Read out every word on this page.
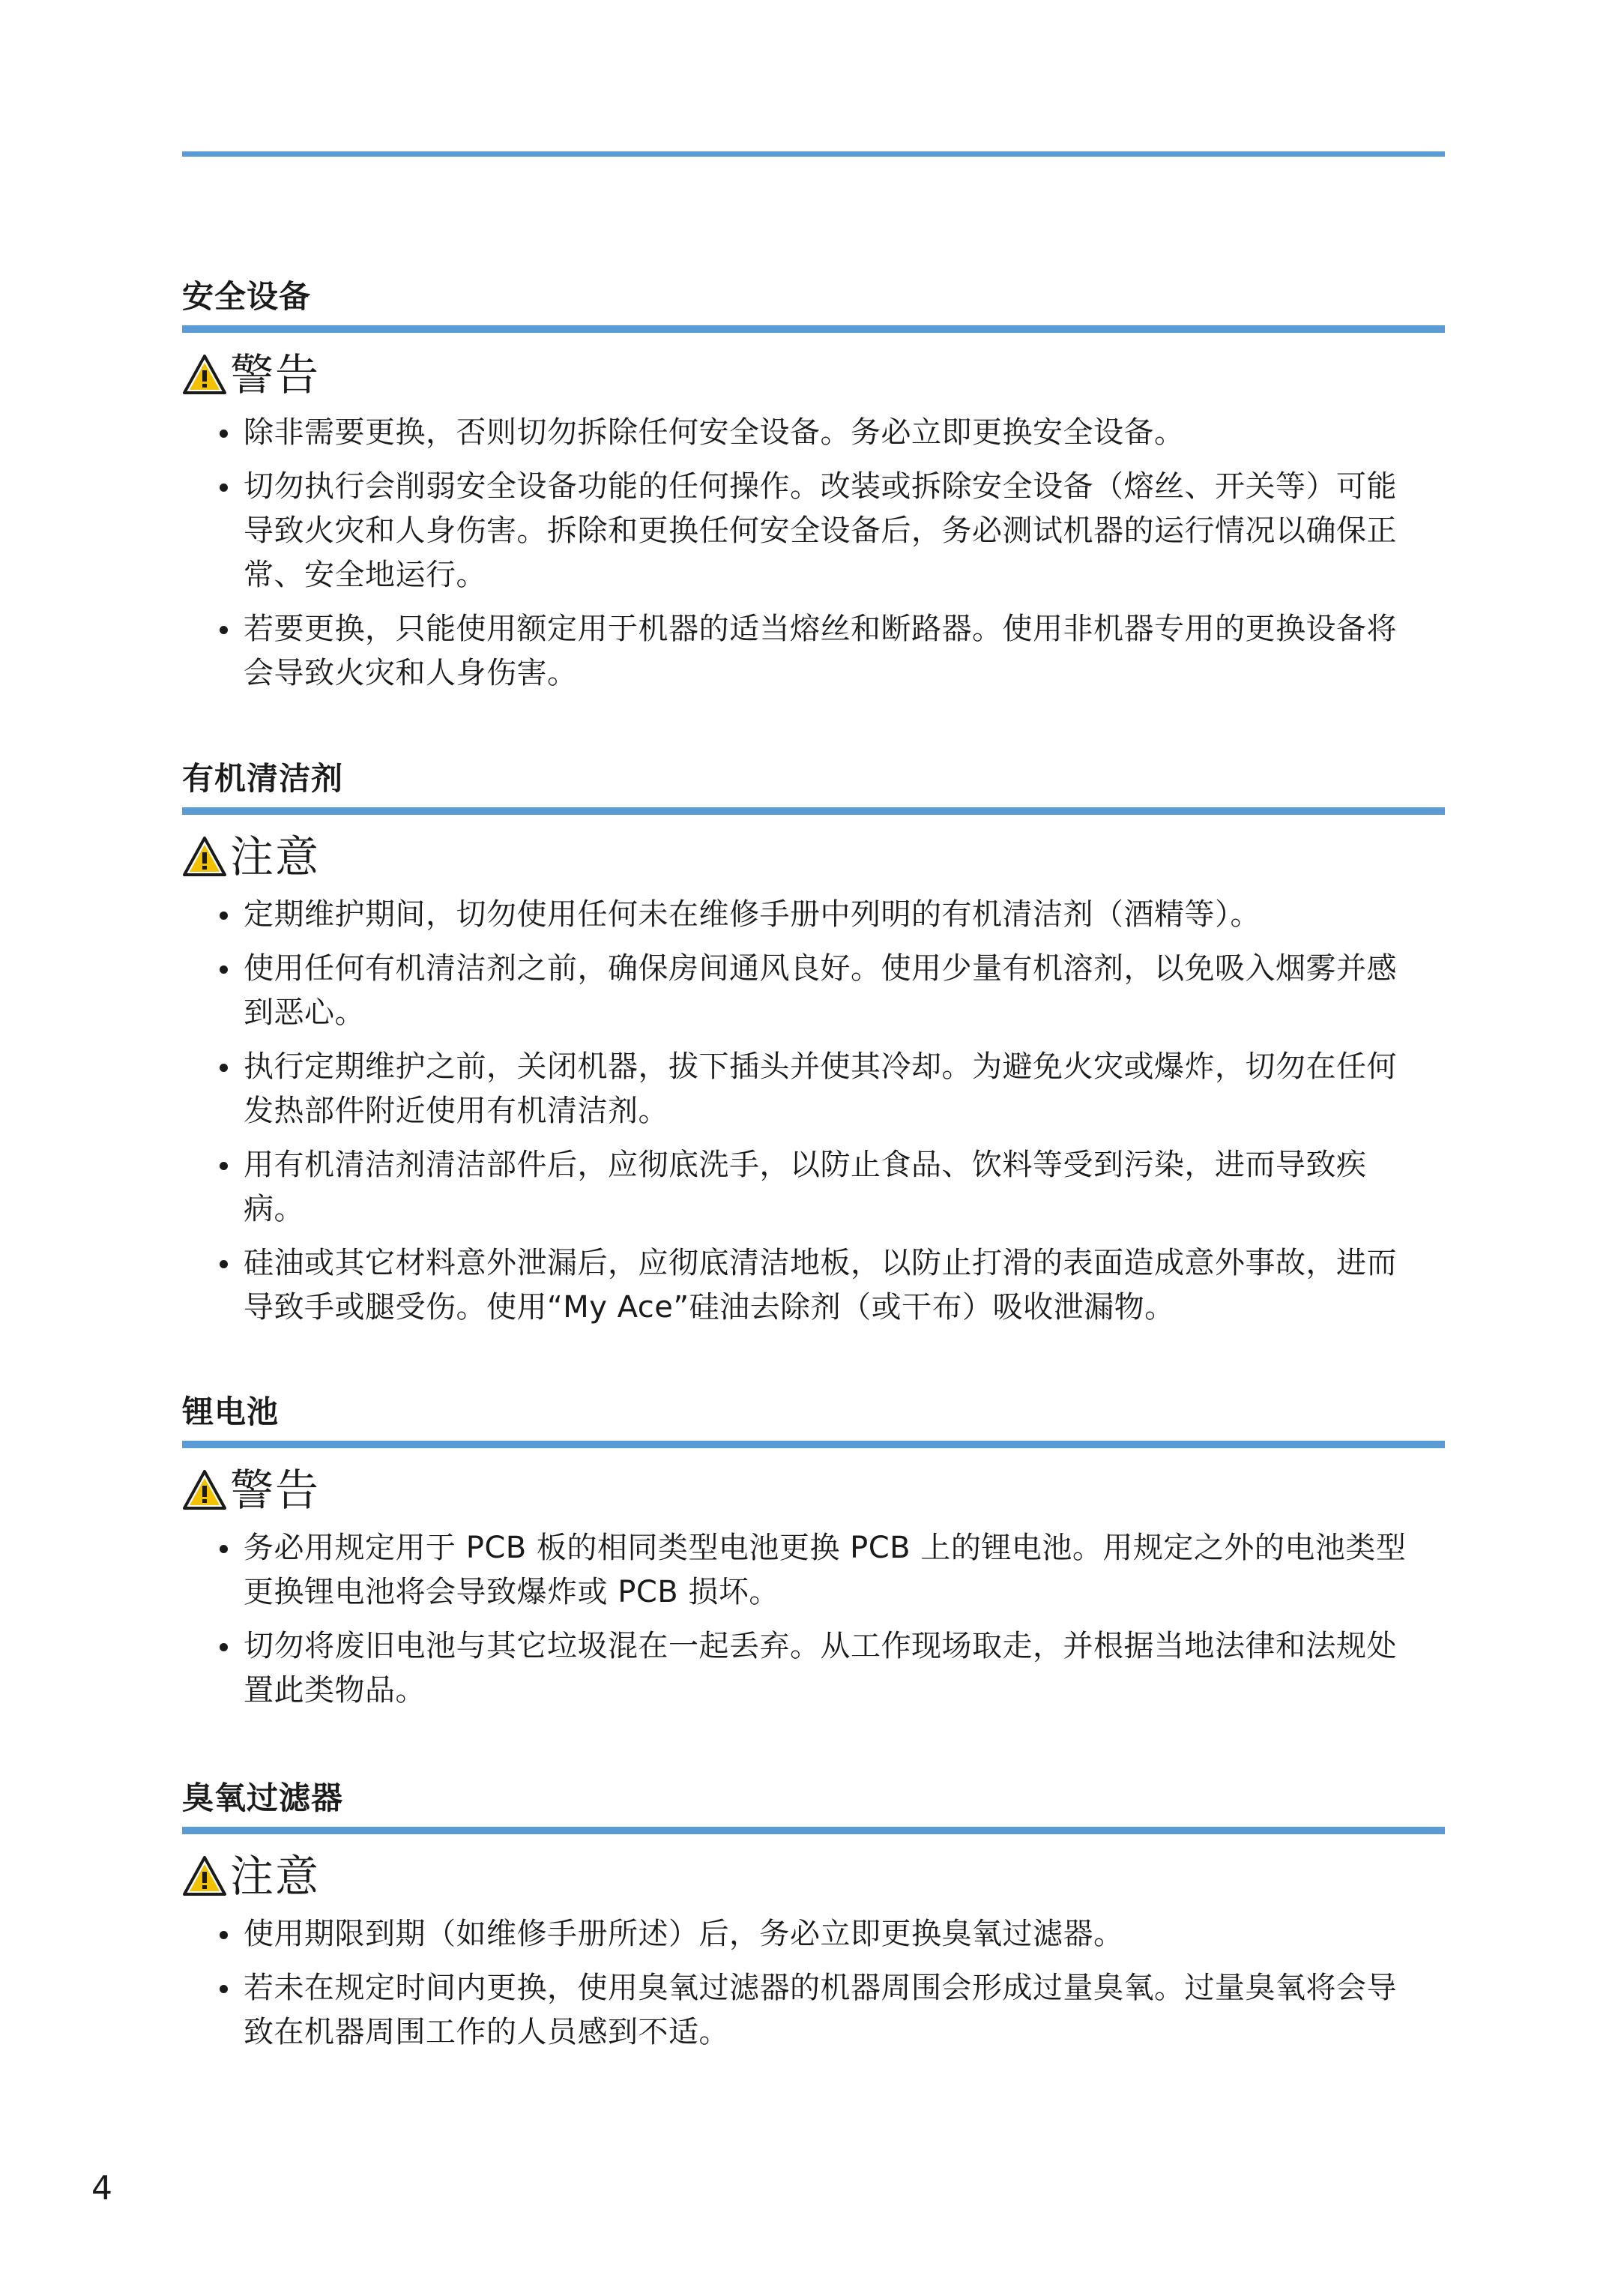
安全设备
警告
除非需要更换，否则切勿拆除任何安全设备。务必立即更换安全设备。
切勿执行会削弱安全设备功能的任何操作。改装或拆除安全设备（熔丝、开关等）可能
导致火灾和人身伤害。拆除和更换任何安全设备后，务必测试机器的运行情况以确保正
常、安全地运行。
若要更换，只能使用额定用于机器的适当熔丝和断路器。使用非机器专用的更换设备将
会导致火灾和人身伤害。
有机清洁剂
注意
定期维护期间，切勿使用任何未在维修手册中列明的有机清洁剂（酒精等）。
使用任何有机清洁剂之前，确保房间通风良好。使用少量有机溶剂，以免吸入烟雾并感
到恶心。
执行定期维护之前，关闭机器，拔下插头并使其冷却。为避免火灾或爆炸，切勿在任何
发热部件附近使用有机清洁剂。
用有机清洁剂清洁部件后，应彻底洗手，以防止食品、饮料等受到污染，进而导致疾
病。
硅油或其它材料意外泄漏后，应彻底清洁地板，以防止打滑的表面造成意外事故，进而
导致手或腿受伤。使用“My Ace”硅油去除剂（或干布）吸收泄漏物。
锂电池
警告
务必用规定用于 PCB 板的相同类型电池更换 PCB 上的锂电池。用规定之外的电池类型
更换锂电池将会导致爆炸或 PCB 损坏。
切勿将废旧电池与其它垃圾混在一起丢弃。从工作现场取走，并根据当地法律和法规处
置此类物品。
臭氧过滤器
注意
使用期限到期（如维修手册所述）后，务必立即更换臭氧过滤器。
若未在规定时间内更换，使用臭氧过滤器的机器周围会形成过量臭氧。过量臭氧将会导
致在机器周围工作的人员感到不适。
4
